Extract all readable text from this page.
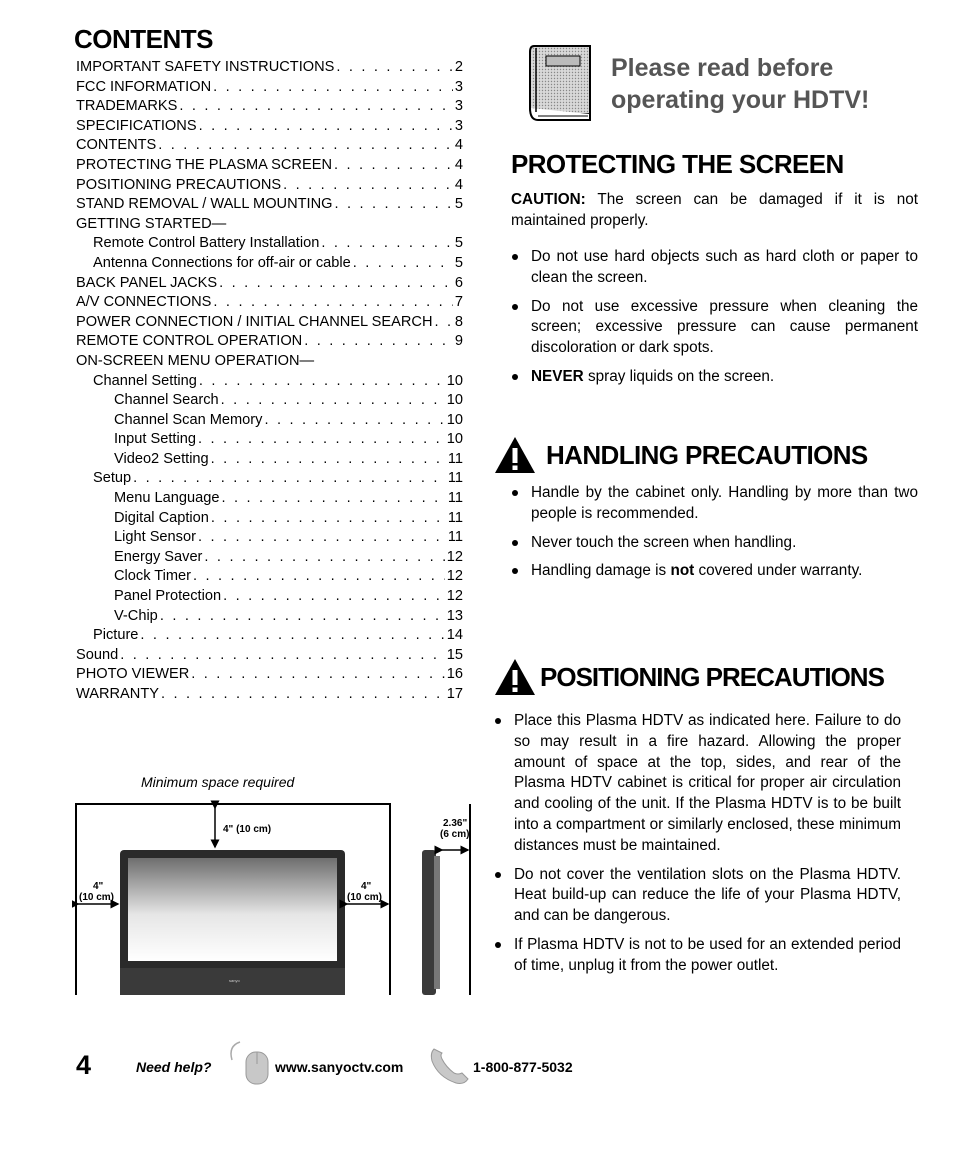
CONTENTS
IMPORTANT SAFETY INSTRUCTIONS . . .	2
FCC INFORMATION . . .	3
TRADEMARKS . . .	3
SPECIFICATIONS . . .	3
CONTENTS . . .	4
PROTECTING THE PLASMA SCREEN . . .	4
POSITIONING PRECAUTIONS . . .	4
STAND REMOVAL / WALL MOUNTING . . .	5
GETTING STARTED—
Remote Control Battery Installation . . .	5
Antenna Connections for off-air or cable . . .	5
BACK PANEL JACKS . . .	6
A/V CONNECTIONS . . .	7
POWER CONNECTION / INITIAL CHANNEL SEARCH . . . 8
REMOTE CONTROL OPERATION . . .	9
ON-SCREEN MENU OPERATION—
Channel Setting . . .	10
Channel Search . . .	10
Channel Scan Memory . . .	10
Input Setting . . .	10
Video2 Setting . . .	11
Setup . . .	11
Menu Language . . .	11
Digital Caption . . .	11
Light Sensor . . .	11
Energy Saver . . .	12
Clock Timer . . .	12
Panel Protection . . .	12
V-Chip . . .	13
Picture . . .	14
Sound . . .	15
PHOTO VIEWER . . .	16
WARRANTY . . .	17
Minimum space required
sanyo
4" (10 cm)
4"
(10 cm)
4"
(10 cm)
2.36"
(6 cm)
Please read before
operating your HDTV!
PROTECTING THE SCREEN
CAUTION: The screen can be damaged if it is not maintained properly.
Do not use hard objects such as hard cloth or paper to clean the screen.
Do not use excessive pressure when cleaning the screen; excessive pressure can cause permanent discoloration or dark spots.
NEVER spray liquids on the screen.
HANDLING PRECAUTIONS
Handle by the cabinet only. Handling by more than two people is recommended.
Never touch the screen when handling.
Handling damage is not covered under warranty.
POSITIONING PRECAUTIONS
Place this Plasma HDTV as indicated here. Failure to do so may result in a fire hazard. Allowing the proper amount of space at the top, sides, and rear of the Plasma HDTV cabinet is critical for proper air circulation and cooling of the unit. If the Plasma HDTV is to be built into a compartment or similarly enclosed, these minimum distances must be maintained.
Do not cover the ventilation slots on the Plasma HDTV. Heat build-up can reduce the life of your Plasma HDTV, and can be dangerous.
If Plasma HDTV is not to be used for an extended period of time, unplug it from the power outlet.
4	Need help?	www.sanyoctv.com	1-800-877-5032
